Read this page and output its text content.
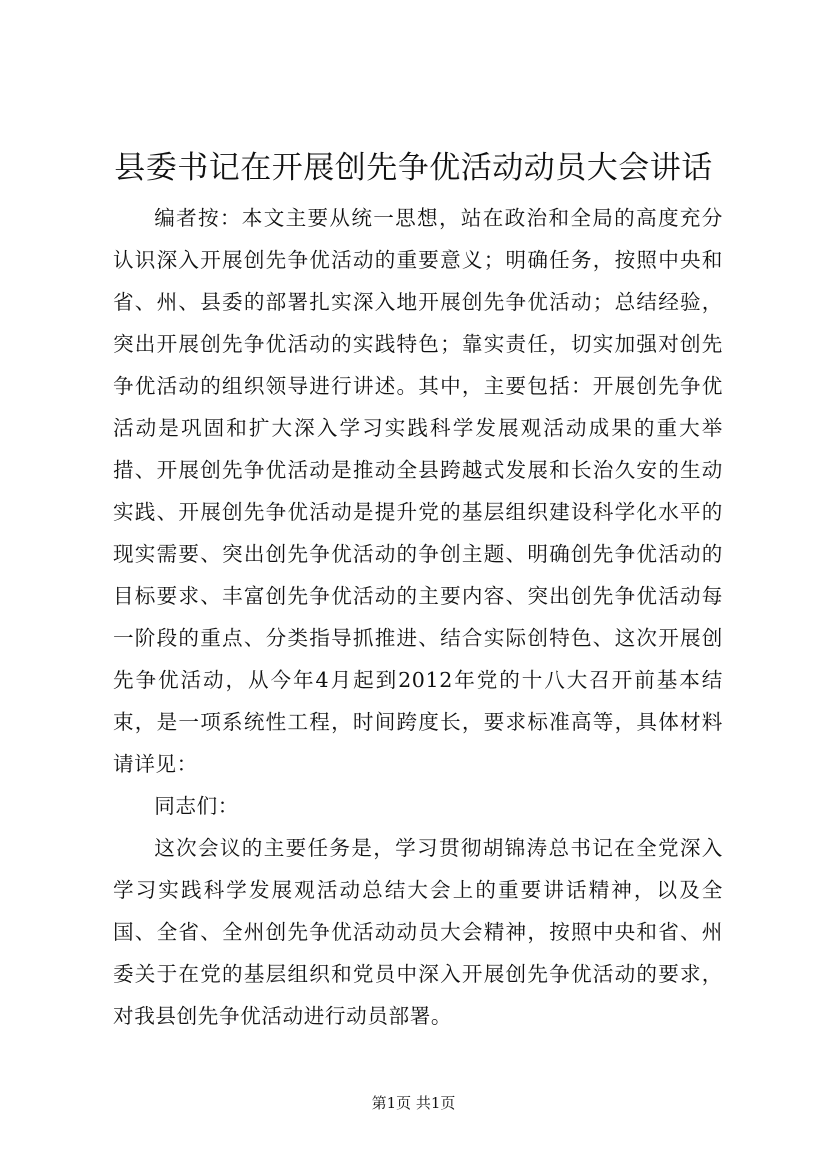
县委书记在开展创先争优活动动员大会讲话

编者按：本文主要从统一思想，站在政治和全局的高度充分认识深入开展创先争优活动的重要意义；明确任务，按照中央和省、州、县委的部署扎实深入地开展创先争优活动；总结经验，突出开展创先争优活动的实践特色；靠实责任，切实加强对创先争优活动的组织领导进行讲述。其中，主要包括：开展创先争优活动是巩固和扩大深入学习实践科学发展观活动成果的重大举措、开展创先争优活动是推动全县跨越式发展和长治久安的生动实践、开展创先争优活动是提升党的基层组织建设科学化水平的现实需要、突出创先争优活动的争创主题、明确创先争优活动的目标要求、丰富创先争优活动的主要内容、突出创先争优活动每一阶段的重点、分类指导抓推进、结合实际创特色、这次开展创先争优活动，从今年4月起到2012年党的十八大召开前基本结束，是一项系统性工程，时间跨度长，要求标准高等，具体材料请详见：

同志们：

这次会议的主要任务是，学习贯彻胡锦涛总书记在全党深入学习实践科学发展观活动总结大会上的重要讲话精神，以及全国、全省、全州创先争优活动动员大会精神，按照中央和省、州委关于在党的基层组织和党员中深入开展创先争优活动的要求，对我县创先争优活动进行动员部署。

第1页 共1页
